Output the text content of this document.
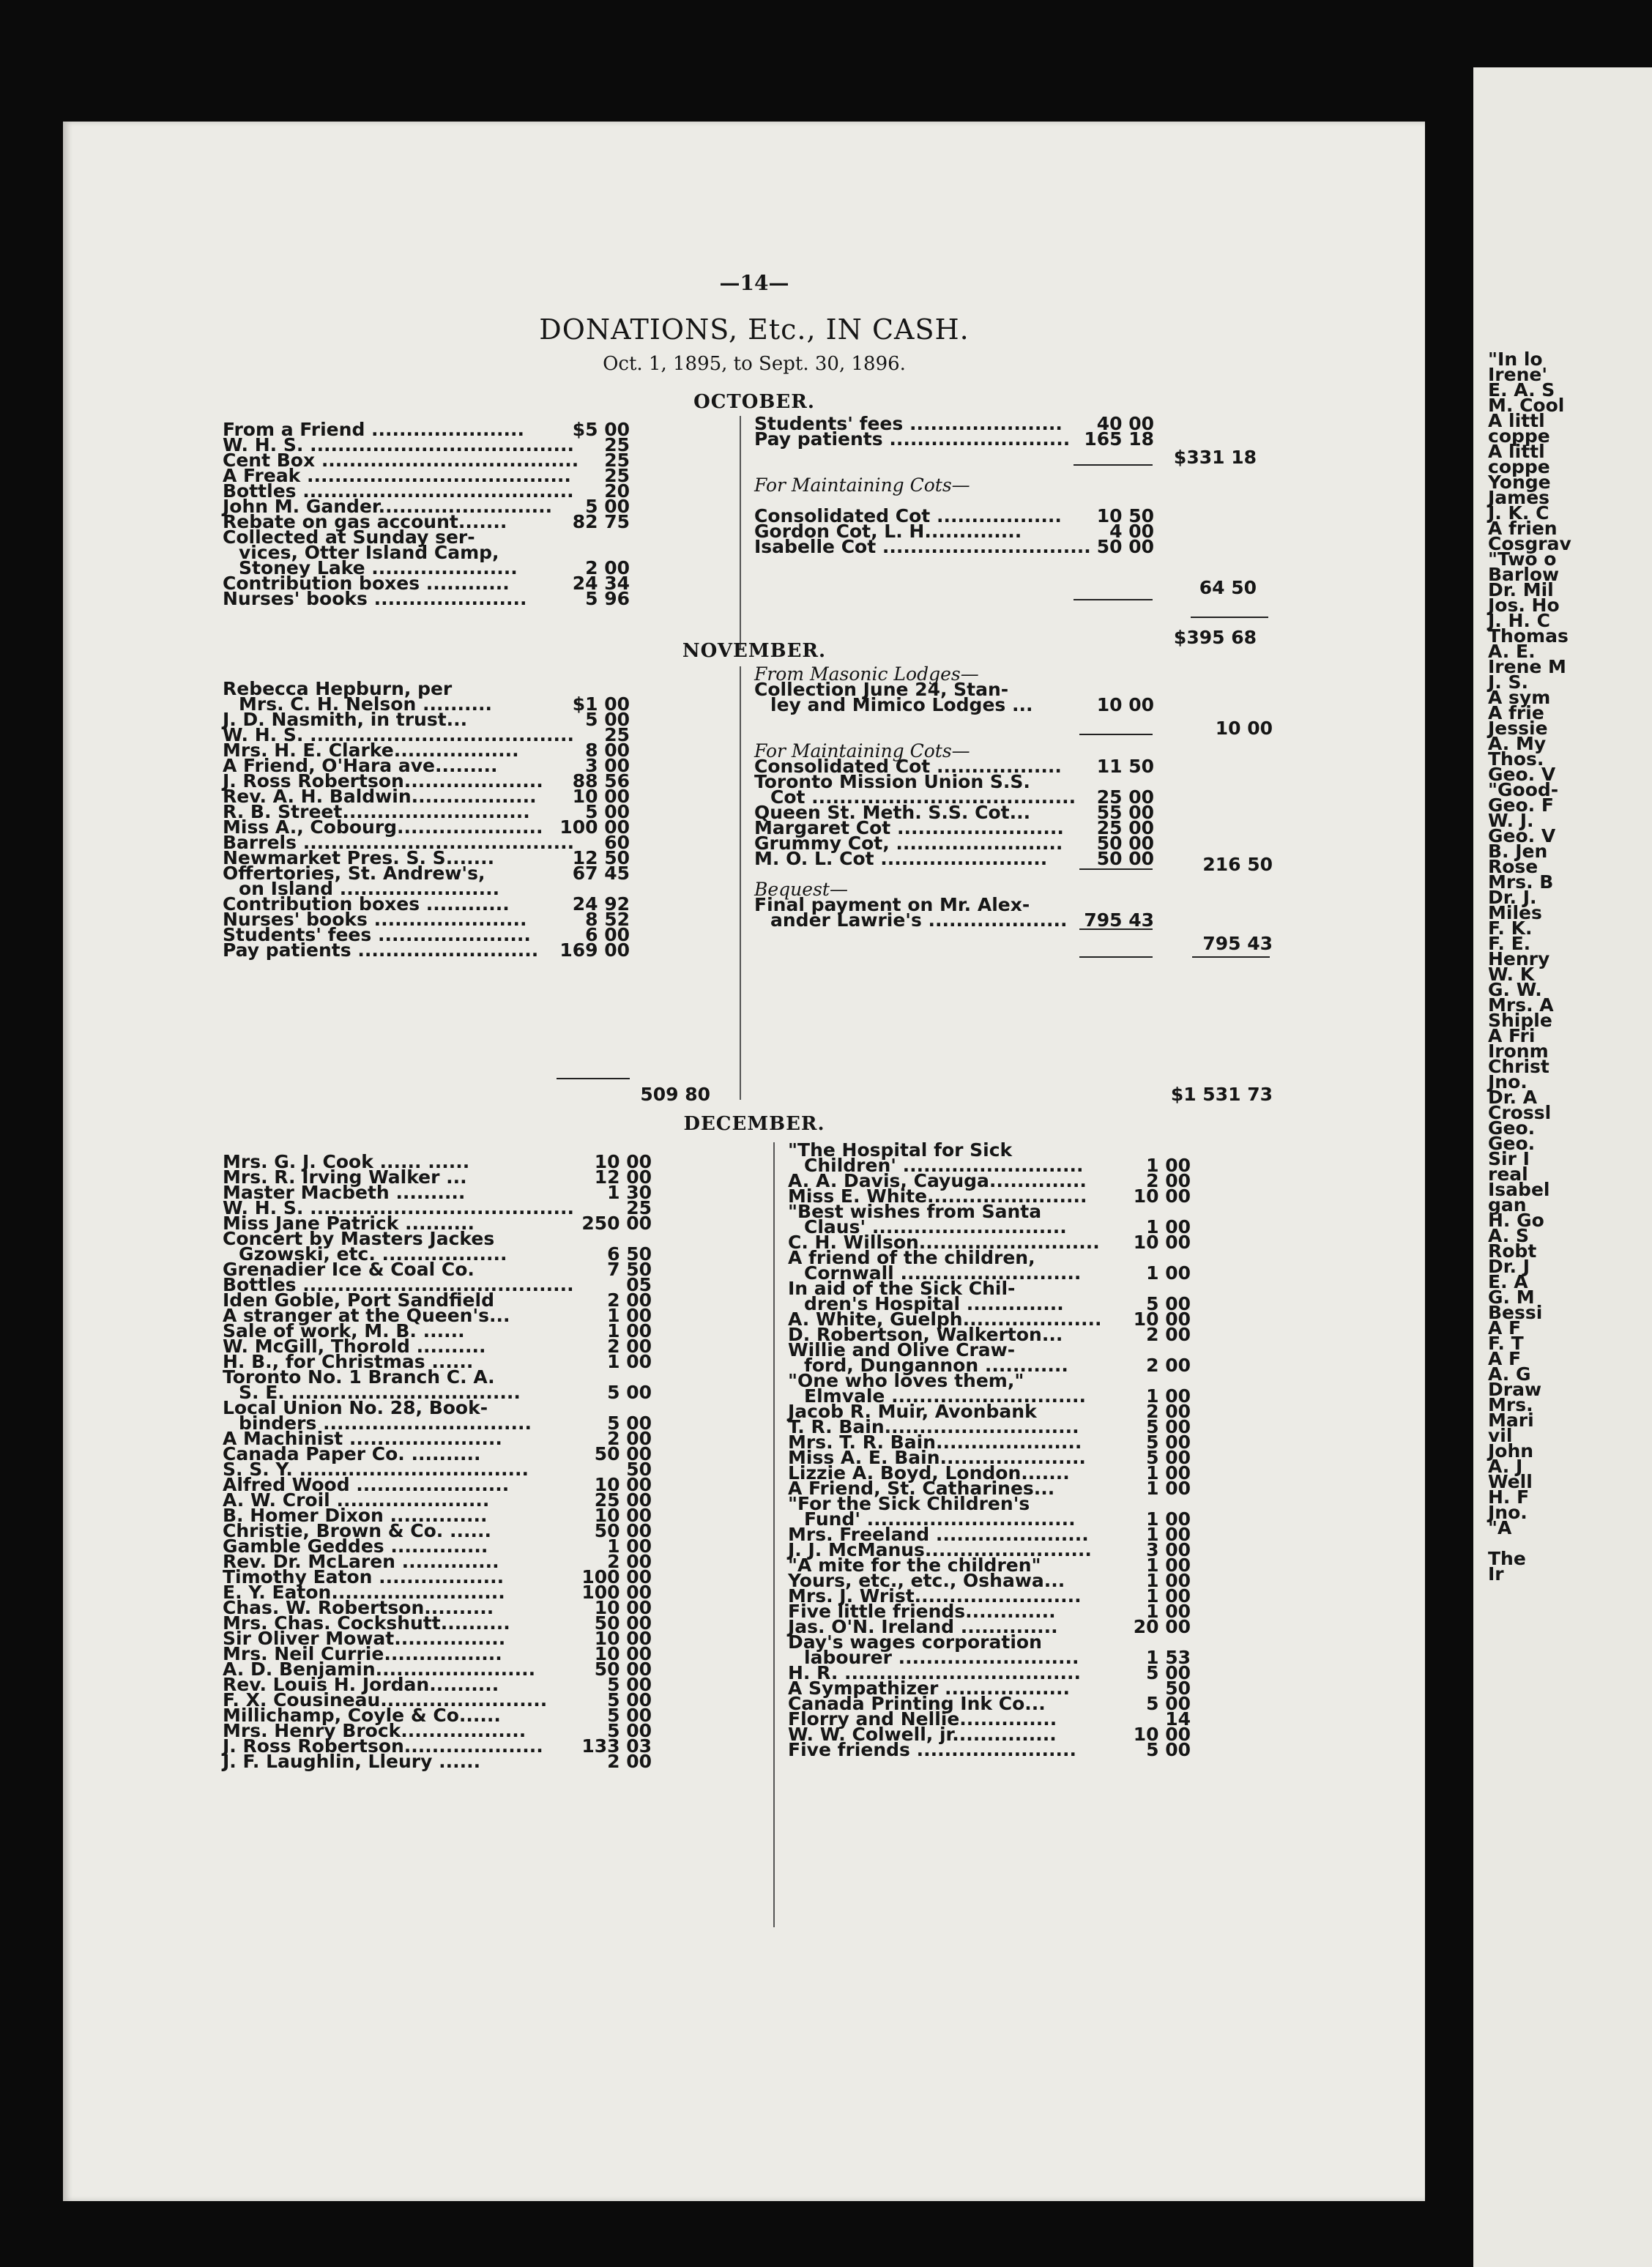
"In lo
Irene'
E. A. S
M. Cool
A littl
coppe
A littl
coppe
Yonge
James
J. K. C
A frien
Cosgrav
"Two o
Barlow
Dr. Mil
Jos. Ho
J. H. C
Thomas
A. E.
Irene M
J. S.
A sym
A frie
Jessie
A. My
Thos.
Geo. V
"Good-
Geo. F
W. J.
Geo. V
B. Jen
Rose
Mrs. B
Dr. J.
Miles
F. K.
F. E.
Henry
W. K
G. W.
Mrs. A
Shiple
A Fri
Ironm
Christ
Jno.
Dr. A
Crossl
Geo.
Geo.
Sir I
real
Isabel
gan
H. Go
A. S
Robt
Dr. J
E. A
G. M
Bessi
A F
F. T
A F
A. G
Draw
Mrs.
Mari
vil
John
A. J
Well
H. F
Jno.
"A
The
Ir
—14—
DONATIONS, Etc., IN CASH.
Oct. 1, 1895, to Sept. 30, 1896.
OCTOBER.
From a Friend ......................	$5 00
W. H. S. ......................................	25
Cent Box .....................................	25
A Freak ......................................	25
Bottles .......................................	20
John M. Gander.........................	5 00
Rebate on gas account.......	82 75
Collected at Sunday ser-
vices, Otter Island Camp,
Stoney Lake .....................	2 00
Contribution boxes ............	24 34
Nurses' books ......................	5 96
Students' fees ......................	40 00
Pay patients .......................... 165 18
For Maintaining Cots—
Consolidated Cot ..................	10 50
Gordon Cot, L. H..............	4 00
Isabelle Cot .............................. 50 00
$331 18
64 50
$395 68
NOVEMBER.
Rebecca Hepburn, per
Mrs. C. H. Nelson ..........	$1 00
J. D. Nasmith, in trust...	5 00
W. H. S. ......................................	25
Mrs. H. E. Clarke..................	8 00
A Friend, O'Hara ave.........	3 00
J. Ross Robertson....................	88 56
Rev. A. H. Baldwin..................	10 00
R. B. Street...........................	5 00
Miss A., Cobourg..................... 100 00
Barrels .......................................	60
Newmarket Pres. S. S.......	12 50
Offertories, St. Andrew's,	67 45
on Island .......................
Contribution boxes ............	24 92
Nurses' books ......................	8 52
Students' fees ......................	6 00
Pay patients ..........................	169 00
From Masonic Lodges—
Collection June 24, Stan-
ley and Mimico Lodges ...	10 00
For Maintaining Cots—
Consolidated Cot ..................	11 50
Toronto Mission Union S.S.
Cot ......................................	25 00
Queen St. Meth. S.S. Cot...	55 00
Margaret Cot ........................	25 00
Grummy Cot, ........................	50 00
M. O. L. Cot ........................	50 00
Bequest—
Final payment on Mr. Alex-
ander Lawrie's .................... 795 43
509 80
10 00
216 50
795 43
$1 531 73
DECEMBER.
Mrs. G. J. Cook ...... ......	10 00
Mrs. R. Irving Walker ...	12 00
Master Macbeth ..........	1 30
W. H. S. ......................................	25
Miss Jane Patrick ..........	250 00
Concert by Masters Jackes
Gzowski, etc. ..................	6 50
Grenadier Ice & Coal Co.	7 50
Bottles .......................................	05
Iden Goble, Port Sandfield	2 00
A stranger at the Queen's...	1 00
Sale of work, M. B. ......	1 00
W. McGill, Thorold ..........	2 00
H. B., for Christmas ......	1 00
Toronto No. 1 Branch C. A.
S. E. .................................	5 00
Local Union No. 28, Book-
binders ..............................	5 00
A Machinist ......................	2 00
Canada Paper Co. ..........	50 00
S. S. Y. .................................	50
Alfred Wood ......................	10 00
A. W. Croil ......................	25 00
B. Homer Dixon ..............	10 00
Christie, Brown & Co. ......	50 00
Gamble Geddes ..............	1 00
Rev. Dr. McLaren ..............	2 00
Timothy Eaton ..................	100 00
E. Y. Eaton.........................	100 00
Chas. W. Robertson..........	10 00
Mrs. Chas. Cockshutt..........	50 00
Sir Oliver Mowat................	10 00
Mrs. Neil Currie.................	10 00
A. D. Benjamin.......................	50 00
Rev. Louis H. Jordan..........	5 00
F. X. Cousineau........................	5 00
Millichamp, Coyle & Co......	5 00
Mrs. Henry Brock..................	5 00
J. Ross Robertson....................	133 03
J. F. Laughlin, Lleury ......	2 00
"The Hospital for Sick
Children' ..........................	1 00
A. A. Davis, Cayuga..............	2 00
Miss E. White.......................	10 00
"Best wishes from Santa
Claus' ............................	1 00
C. H. Willson..........................	10 00
A friend of the children,
Cornwall ..........................	1 00
In aid of the Sick Chil-
dren's Hospital ..............	5 00
A. White, Guelph....................	10 00
D. Robertson, Walkerton...	2 00
Willie and Olive Craw-
ford, Dungannon ............	2 00
"One who loves them,"
Elmvale ............................	1 00
Jacob R. Muir, Avonbank	2 00
T. R. Bain............................	5 00
Mrs. T. R. Bain.....................	5 00
Miss A. E. Bain.....................	5 00
Lizzie A. Boyd, London.......	1 00
A Friend, St. Catharines...	1 00
"For the Sick Children's
Fund' ..............................	1 00
Mrs. Freeland ......................	1 00
J. J. McManus........................	3 00
"A mite for the children"	1 00
Yours, etc., etc., Oshawa...	1 00
Mrs. J. Wrist........................	1 00
Five little friends.............	1 00
Jas. O'N. Ireland ..............	20 00
Day's wages corporation
labourer ..........................	1 53
H. R. ..................................	5 00
A Sympathizer ..................	50
Canada Printing Ink Co...	5 00
Florry and Nellie..............	14
W. W. Colwell, jr...............	10 00
Five friends .......................	5 00
